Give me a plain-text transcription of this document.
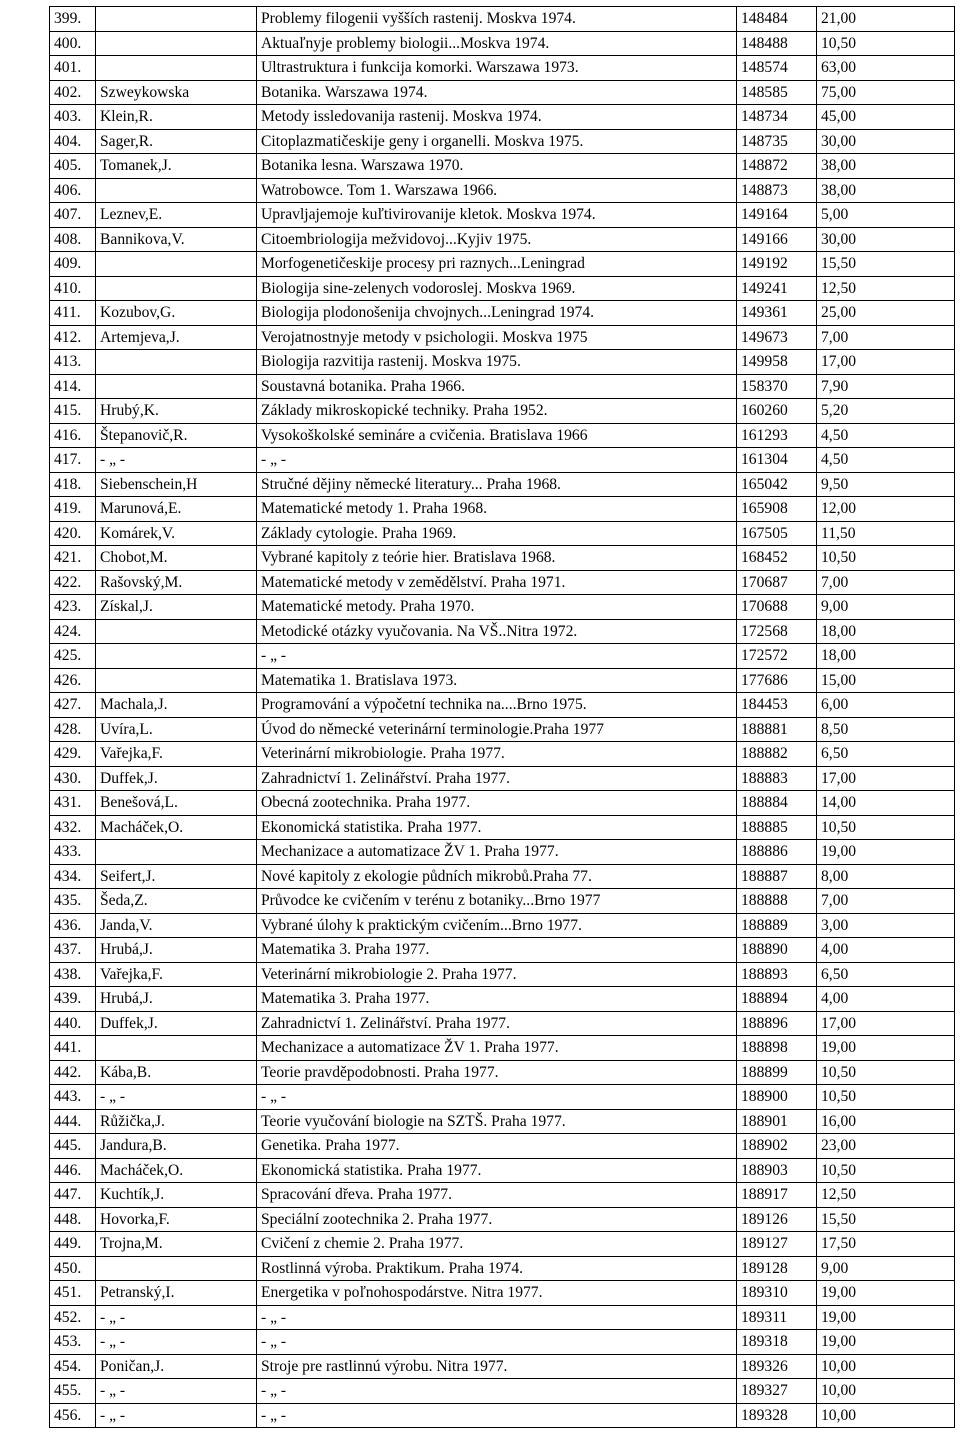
399.		Problemy filogenii vyšších rastenij. Moskva 1974.	148484	21,00
400.		Aktuaľnyje problemy biologii...Moskva 1974.	148488	10,50
401.		Ultrastruktura i funkcija komorki. Warszawa 1973.	148574	63,00
402.	Szweykowska	Botanika. Warszawa 1974.	148585	75,00
403.	Klein,R.	Metody issledovanija rastenij. Moskva 1974.	148734	45,00
404.	Sager,R.	Citoplazmatičeskije geny i organelli. Moskva 1975.	148735	30,00
405.	Tomanek,J.	Botanika lesna. Warszawa 1970.	148872	38,00
406.		Watrobowce. Tom 1. Warszawa 1966.	148873	38,00
407.	Leznev,E.	Upravljajemoje kuľtivirovanije kletok. Moskva 1974.	149164	5,00
408.	Bannikova,V.	Citoembriologija mežvidovoj...Kyjiv 1975.	149166	30,00
409.		Morfogenetičeskije procesy pri raznych...Leningrad	149192	15,50
410.		Biologija sine-zelenych vodoroslej. Moskva 1969.	149241	12,50
411.	Kozubov,G.	Biologija plodonošenija chvojnych...Leningrad 1974.	149361	25,00
412.	Artemjeva,J.	Verojatnostnyje metody v psichologii. Moskva 1975	149673	7,00
413.		Biologija razvitija rastenij. Moskva 1975.	149958	17,00
414.		Soustavná botanika. Praha 1966.	158370	7,90
415.	Hrubý,K.	Základy mikroskopické techniky. Praha 1952.	160260	5,20
416.	Štepanovič,R.	Vysokoškolské semináre a cvičenia. Bratislava 1966	161293	4,50
417.	- „ -	- „ -	161304	4,50
418.	Siebenschein,H	Stručné dějiny německé literatury... Praha 1968.	165042	9,50
419.	Marunová,E.	Matematické metody 1. Praha 1968.	165908	12,00
420.	Komárek,V.	Základy cytologie. Praha 1969.	167505	11,50
421.	Chobot,M.	Vybrané kapitoly z teórie hier. Bratislava 1968.	168452	10,50
422.	Rašovský,M.	Matematické metody v zemědělství. Praha 1971.	170687	7,00
423.	Získal,J.	Matematické metody. Praha 1970.	170688	9,00
424.		Metodické otázky vyučovania. Na VŠ..Nitra 1972.	172568	18,00
425.		- „ -	172572	18,00
426.		Matematika 1. Bratislava 1973.	177686	15,00
427.	Machala,J.	Programování a výpočetní technika na....Brno 1975.	184453	6,00
428.	Uvíra,L.	Úvod do německé veterinární terminologie.Praha 1977	188881	8,50
429.	Vařejka,F.	Veterinární mikrobiologie. Praha 1977.	188882	6,50
430.	Duffek,J.	Zahradnictví 1. Zelinářství. Praha 1977.	188883	17,00
431.	Benešová,L.	Obecná zootechnika. Praha 1977.	188884	14,00
432.	Macháček,O.	Ekonomická statistika. Praha 1977.	188885	10,50
433.		Mechanizace a automatizace ŽV 1. Praha 1977.	188886	19,00
434.	Seifert,J.	Nové kapitoly z ekologie půdních mikrobů.Praha 77.	188887	8,00
435.	Šeda,Z.	Průvodce ke cvičením v terénu z botaniky...Brno 1977	188888	7,00
436.	Janda,V.	Vybrané úlohy k praktickým cvičením...Brno 1977.	188889	3,00
437.	Hrubá,J.	Matematika 3. Praha 1977.	188890	4,00
438.	Vařejka,F.	Veterinární mikrobiologie 2. Praha 1977.	188893	6,50
439.	Hrubá,J.	Matematika 3. Praha 1977.	188894	4,00
440.	Duffek,J.	Zahradnictví 1. Zelinářství. Praha 1977.	188896	17,00
441.		Mechanizace a automatizace ŽV 1. Praha 1977.	188898	19,00
442.	Kába,B.	Teorie pravděpodobnosti. Praha 1977.	188899	10,50
443.	- „ -	- „ -	188900	10,50
444.	Růžička,J.	Teorie vyučování biologie na SZTŠ. Praha 1977.	188901	16,00
445.	Jandura,B.	Genetika. Praha 1977.	188902	23,00
446.	Macháček,O.	Ekonomická statistika. Praha 1977.	188903	10,50
447.	Kuchtík,J.	Spracování dřeva. Praha 1977.	188917	12,50
448.	Hovorka,F.	Speciální zootechnika 2. Praha 1977.	189126	15,50
449.	Trojna,M.	Cvičení z chemie 2. Praha 1977.	189127	17,50
450.		Rostlinná výroba. Praktikum. Praha 1974.	189128	9,00
451.	Petranský,I.	Energetika v poľnohospodárstve. Nitra 1977.	189310	19,00
452.	- „ -	- „ -	189311	19,00
453.	- „ -	- „ -	189318	19,00
454.	Poničan,J.	Stroje pre rastlinnú výrobu. Nitra 1977.	189326	10,00
455.	- „ -	- „ -	189327	10,00
456.	- „ -	- „ -	189328	10,00
